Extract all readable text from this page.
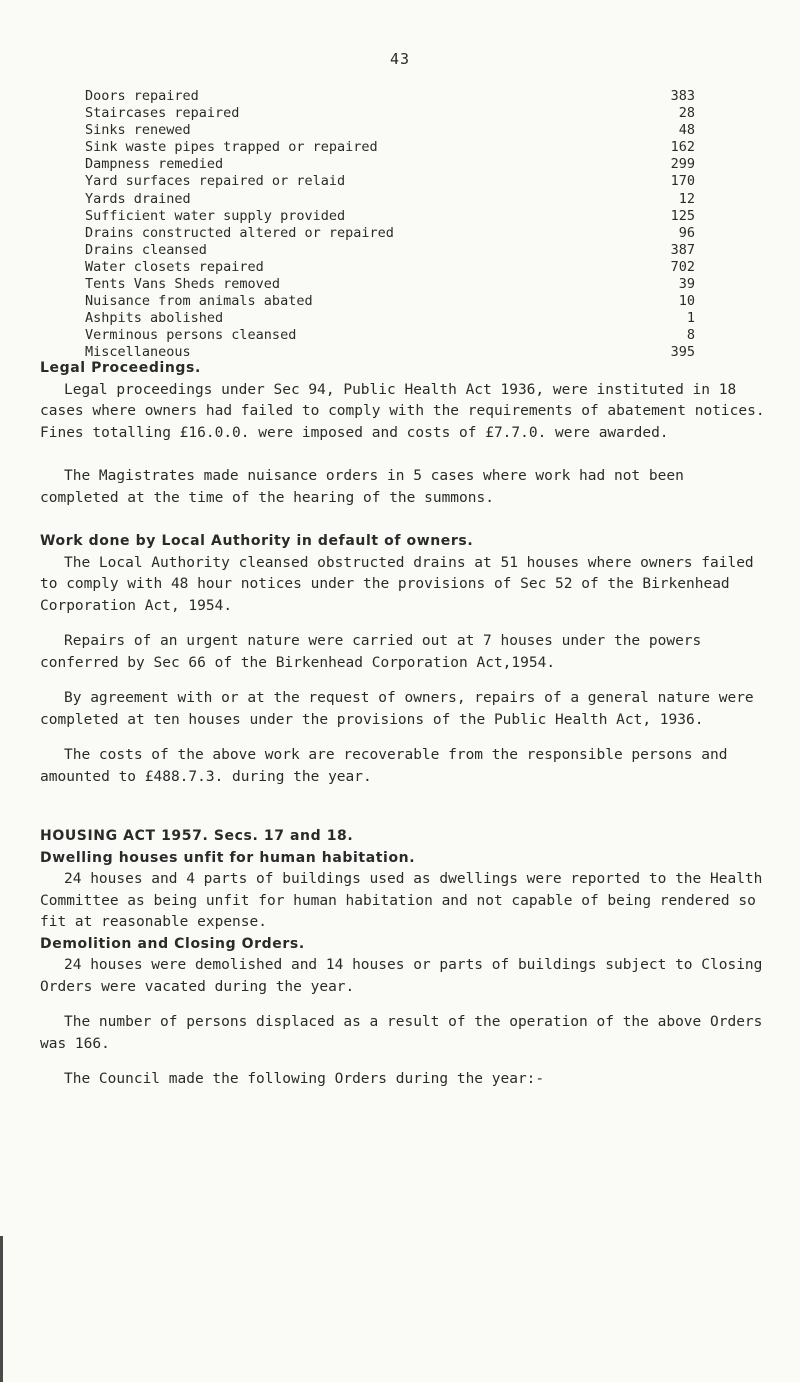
43
Doors repaired	383
Staircases repaired	28
Sinks renewed	48
Sink waste pipes trapped or repaired	162
Dampness remedied	299
Yard surfaces repaired or relaid	170
Yards drained	12
Sufficient water supply provided	125
Drains constructed altered or repaired	96
Drains cleansed	387
Water closets repaired	702
Tents Vans Sheds removed	39
Nuisance from animals abated	10
Ashpits abolished	1
Verminous persons cleansed	8
Miscellaneous	395
Legal Proceedings.

Legal proceedings under Sec 94, Public Health Act 1936, were instituted in 18 cases where owners had failed to comply with the requirements of abatement notices. Fines totalling £16.0.0. were imposed and costs of £7.7.0. were awarded.

The Magistrates made nuisance orders in 5 cases where work had not been completed at the time of the hearing of the summons.

Work done by Local Authority in default of owners.

The Local Authority cleansed obstructed drains at 51 houses where owners failed to comply with 48 hour notices under the provisions of Sec 52 of the Birkenhead Corporation Act, 1954.

Repairs of an urgent nature were carried out at 7 houses under the powers conferred by Sec 66 of the Birkenhead Corporation Act,1954.

By agreement with or at the request of owners, repairs of a general nature were completed at ten houses under the provisions of the Public Health Act, 1936.

The costs of the above work are recoverable from the responsible persons and amounted to £488.7.3. during the year.

HOUSING ACT 1957. Secs. 17 and 18.
Dwelling houses unfit for human habitation.

24 houses and 4 parts of buildings used as dwellings were reported to the Health Committee as being unfit for human habitation and not capable of being rendered so fit at reasonable expense.

Demolition and Closing Orders.

24 houses were demolished and 14 houses or parts of buildings subject to Closing Orders were vacated during the year.

The number of persons displaced as a result of the operation of the above Orders was 166.

The Council made the following Orders during the year:-
